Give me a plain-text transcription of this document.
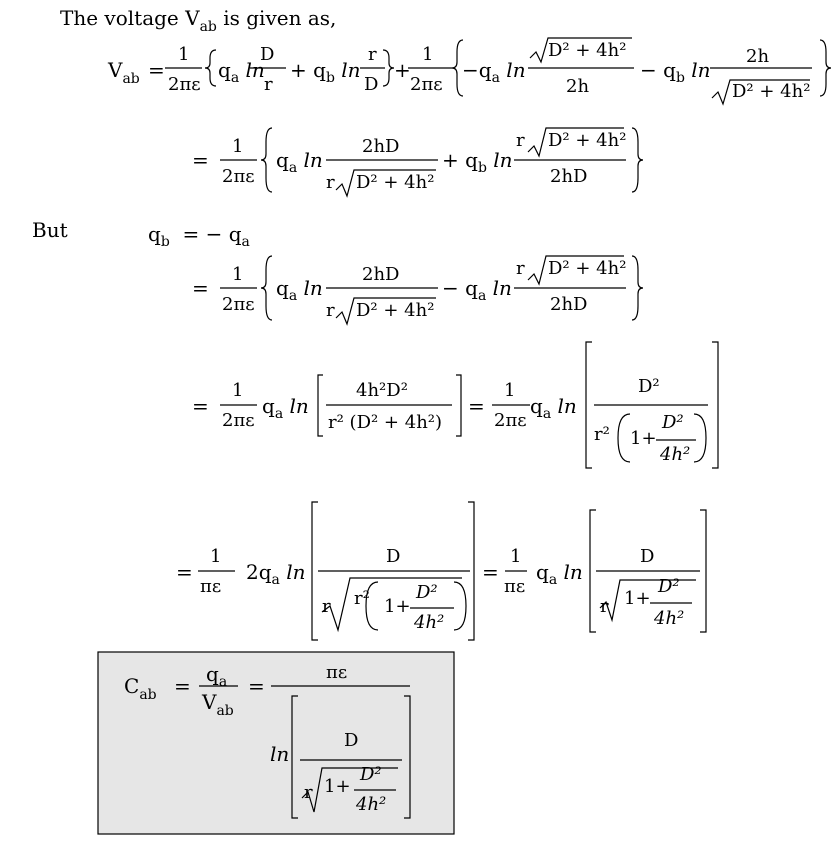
The voltage $V_{ab}$ is given as,
$V_{ab}$ =
1
2πε
$q_a$ ln
D
r
+ $q_b$ ln
r
D
+
1
2πε
$-q_a$ ln
D² + 4h²
2h
− $q_b$ ln
2h
D² + 4h²
=
1
2πε
$q_a$ ln
2hD
r D² + 4h²
+ $q_b$ ln
r D² + 4h²
2hD
But	$q_b$ = − $q_a$
=
1
2πε
$q_a$ ln
2hD
r D² + 4h²
− $q_a$ ln
r D² + 4h²
2hD
=
1
2πε
$q_a$ ln
4h²D²
r² (D² + 4h²)
=
1
2πε
$q_a$ ln
D²
r² 1+
D²
4h²
=
1
πε
$2q_a$ ln
D
r r² 1+
D²
4h²
=
1
πε
$q_a$ ln
D
r 1+
D²
4h²
$C_{ab} = q_a$
$V_{ab}$
=
πε
ln
D
r 1+
D²
4h²
